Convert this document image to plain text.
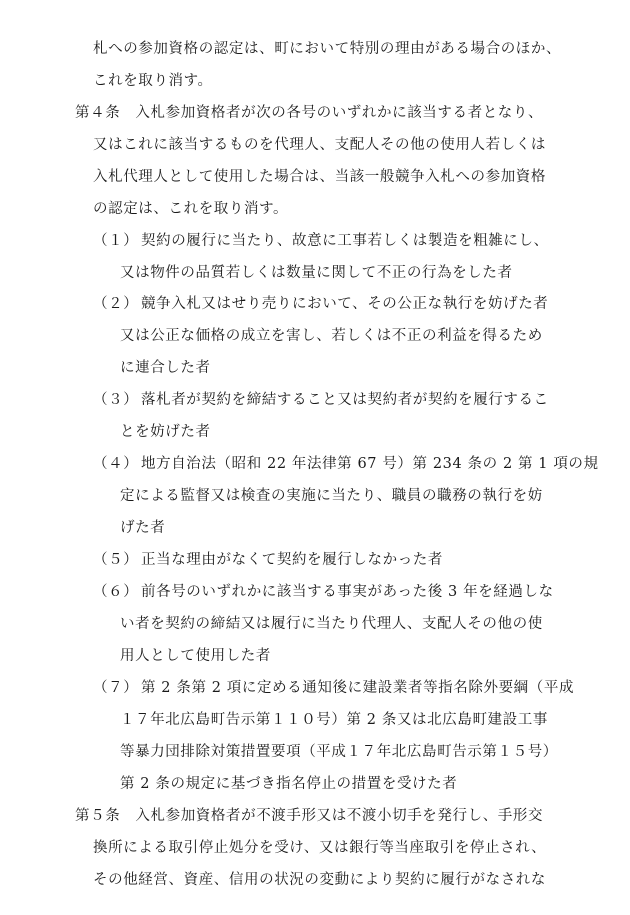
札への参加資格の認定は、町において特別の理由がある場合のほか、
これを取り消す。
第４条　入札参加資格者が次の各号のいずれかに該当する者となり、
又はこれに該当するものを代理人、支配人その他の使用人若しくは
入札代理人として使用した場合は、当該一般競争入札への参加資格
の認定は、これを取り消す。
（１） 契約の履行に当たり、故意に工事若しくは製造を粗雑にし、
又は物件の品質若しくは数量に関して不正の行為をした者
（２） 競争入札又はせり売りにおいて、その公正な執行を妨げた者
又は公正な価格の成立を害し、若しくは不正の利益を得るため
に連合した者
（３） 落札者が契約を締結すること又は契約者が契約を履行するこ
とを妨げた者
（４） 地方自治法（昭和 22 年法律第 67 号）第 234 条の 2 第 1 項の規
定による監督又は検査の実施に当たり、職員の職務の執行を妨
げた者
（５） 正当な理由がなくて契約を履行しなかった者
（６） 前各号のいずれかに該当する事実があった後 3 年を経過しな
い者を契約の締結又は履行に当たり代理人、支配人その他の使
用人として使用した者
（７） 第 2 条第 2 項に定める通知後に建設業者等指名除外要綱（平成
１７年北広島町告示第１１０号）第 2 条又は北広島町建設工事
等暴力団排除対策措置要項（平成１７年北広島町告示第１５号）
第 2 条の規定に基づき指名停止の措置を受けた者
第５条　入札参加資格者が不渡手形又は不渡小切手を発行し、手形交
換所による取引停止処分を受け、又は銀行等当座取引を停止され、
その他経営、資産、信用の状況の変動により契約に履行がなされな
